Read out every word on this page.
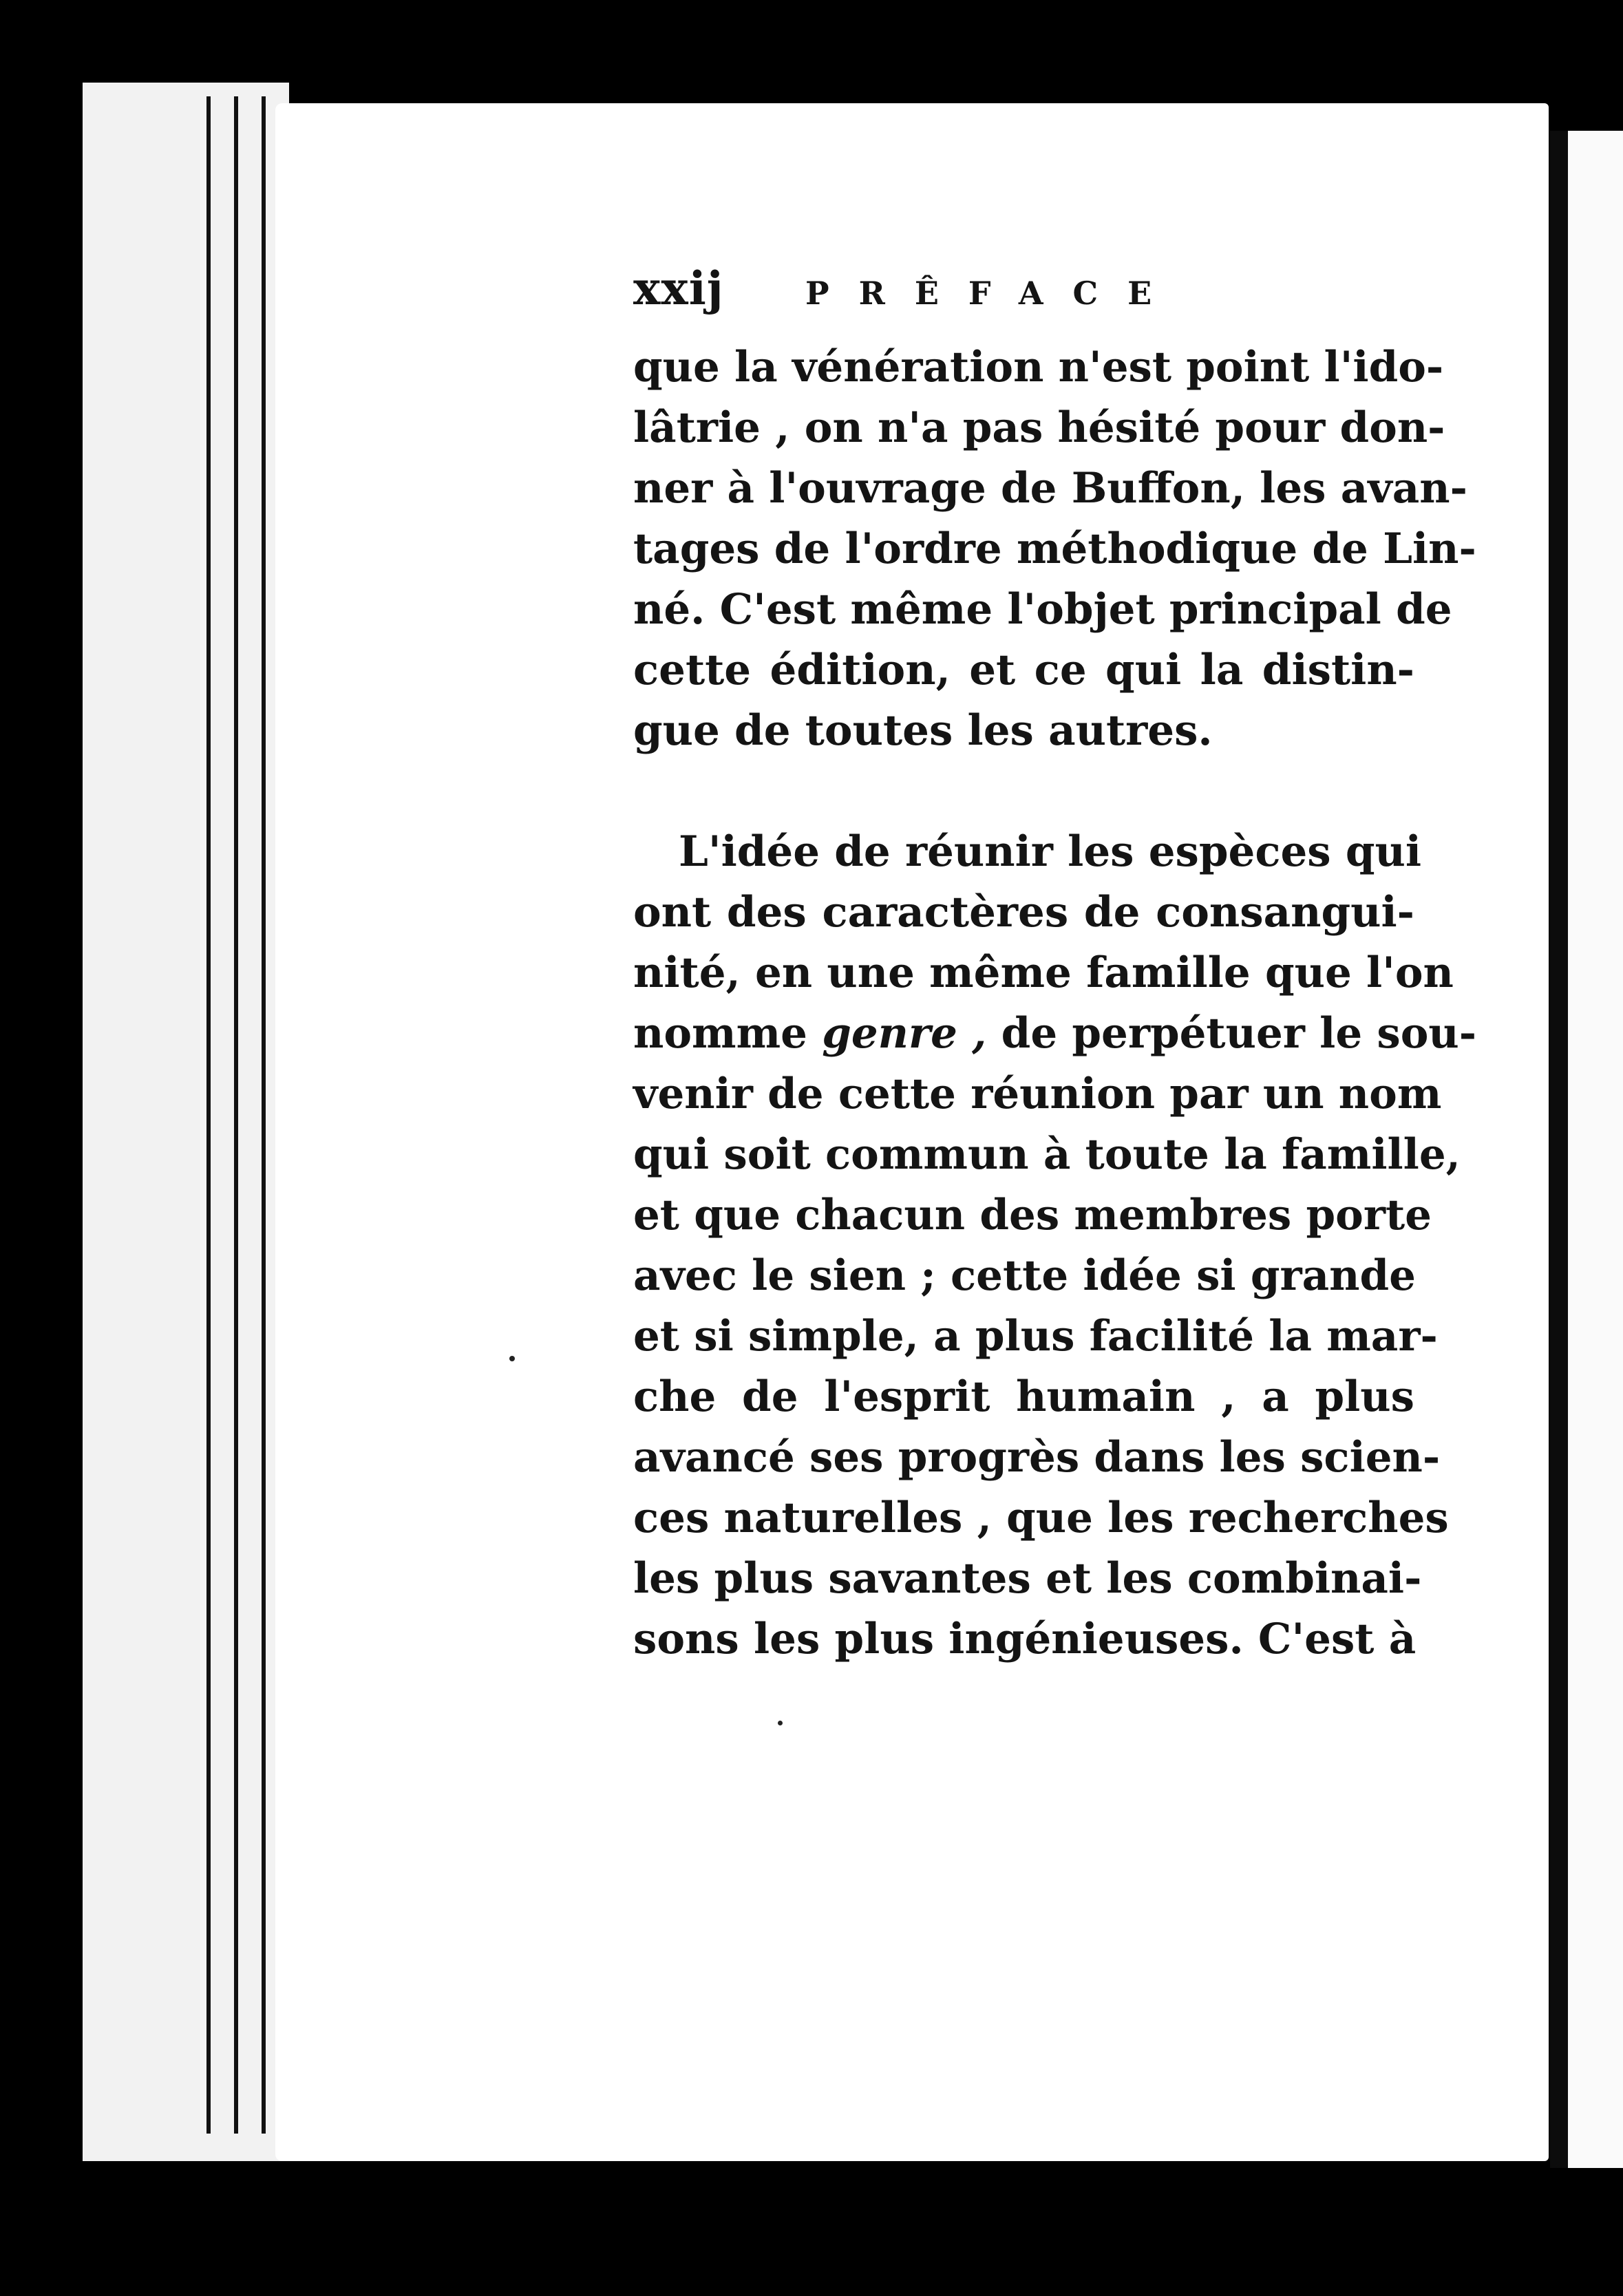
xxij	PRÊFACE
que la vénération n'est point l'ido-
lâtrie , on n'a pas hésité pour don-
ner à l'ouvrage de Buffon, les avan-
tages de l'ordre méthodique de Lin-
né. C'est même l'objet principal de
cette édition, et ce qui la distin-
gue de toutes les autres.
L'idée de réunir les espèces qui
ont des caractères de consangui-
nité, en une même famille que l'on
nomme genre , de perpétuer le sou-
venir de cette réunion par un nom
qui soit commun à toute la famille,
et que chacun des membres porte
avec le sien ; cette idée si grande
et si simple, a plus facilité la mar-
che de l'esprit humain , a plus
avancé ses progrès dans les scien-
ces naturelles , que les recherches
les plus savantes et les combinai-
sons les plus ingénieuses. C'est à
